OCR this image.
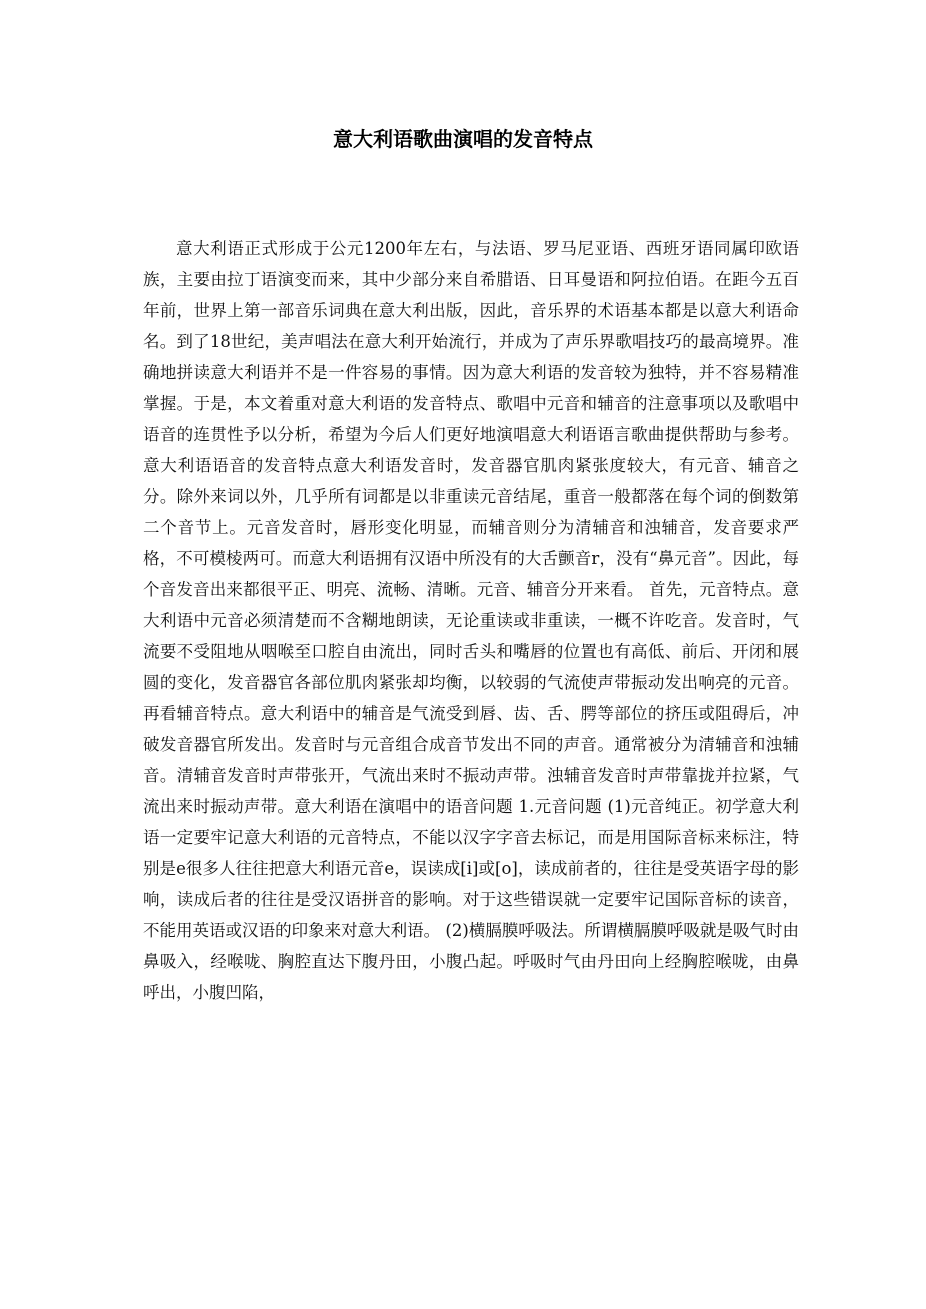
意大利语歌曲演唱的发音特点

意大利语正式形成于公元1200年左右，与法语、罗马尼亚语、西班牙语同属印欧语族，主要由拉丁语演变而来，其中少部分来自希腊语、日耳曼语和阿拉伯语。在距今五百年前，世界上第一部音乐词典在意大利出版，因此，音乐界的术语基本都是以意大利语命名。到了18世纪，美声唱法在意大利开始流行，并成为了声乐界歌唱技巧的最高境界。准确地拼读意大利语并不是一件容易的事情。因为意大利语的发音较为独特，并不容易精准掌握。于是，本文着重对意大利语的发音特点、歌唱中元音和辅音的注意事项以及歌唱中语音的连贯性予以分析，希望为今后人们更好地演唱意大利语语言歌曲提供帮助与参考。意大利语语音的发音特点意大利语发音时，发音器官肌肉紧张度较大，有元音、辅音之分。除外来词以外，几乎所有词都是以非重读元音结尾，重音一般都落在每个词的倒数第二个音节上。元音发音时，唇形变化明显，而辅音则分为清辅音和浊辅音，发音要求严格，不可模棱两可。而意大利语拥有汉语中所没有的大舌颤音r，没有“鼻元音”。因此，每个音发音出来都很平正、明亮、流畅、清晰。元音、辅音分开来看。 首先，元音特点。意大利语中元音必须清楚而不含糊地朗读，无论重读或非重读，一概不许吃音。发音时，气流要不受阻地从咽喉至口腔自由流出，同时舌头和嘴唇的位置也有高低、前后、开闭和展圆的变化，发音器官各部位肌肉紧张却均衡，以较弱的气流使声带振动发出响亮的元音。再看辅音特点。意大利语中的辅音是气流受到唇、齿、舌、腭等部位的挤压或阻碍后，冲破发音器官所发出。发音时与元音组合成音节发出不同的声音。通常被分为清辅音和浊辅音。清辅音发音时声带张开，气流出来时不振动声带。浊辅音发音时声带靠拢并拉紧，气流出来时振动声带。意大利语在演唱中的语音问题 1.元音问题 (1)元音纯正。初学意大利语一定要牢记意大利语的元音特点，不能以汉字字音去标记，而是用国际音标来标注，特别是e很多人往往把意大利语元音e，误读成[i]或[o]，读成前者的，往往是受英语字母的影响，读成后者的往往是受汉语拼音的影响。对于这些错误就一定要牢记国际音标的读音，不能用英语或汉语的印象来对意大利语。 (2)横膈膜呼吸法。所谓横膈膜呼吸就是吸气时由鼻吸入，经喉咙、胸腔直达下腹丹田，小腹凸起。呼吸时气由丹田向上经胸腔喉咙，由鼻呼出，小腹凹陷，
